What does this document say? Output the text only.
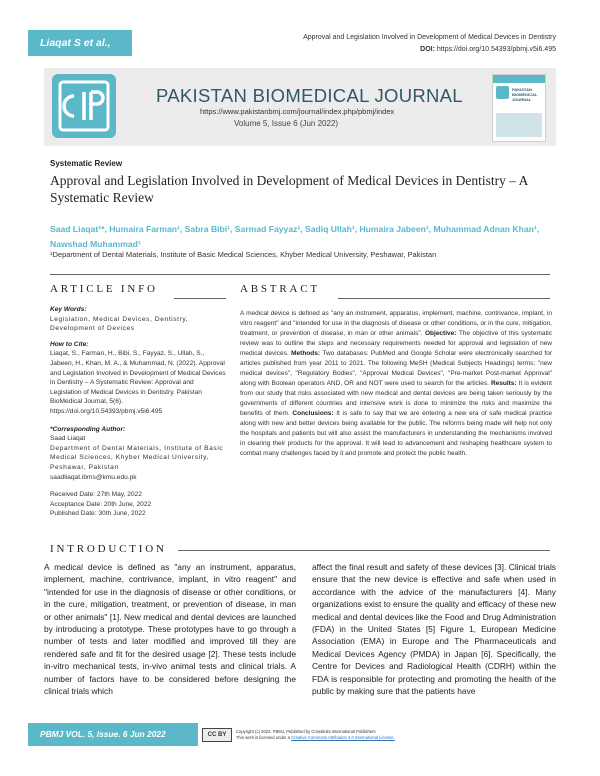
Liaqat S et al.,	Approval and Legislation Involved in Development of Medical Devices in Dentistry
DOI: https://doi.org/10.54393/pbmj.v5i6.495
PAKISTAN BIOMEDICAL JOURNAL
https://www.pakistanbmj.com/journal/index.php/pbmj/index
Volume 5, Issue 6 (Jun 2022)
PAKISTAN BIOMEDICAL JOURNAL
Systematic Review
Approval and Legislation Involved in Development of Medical Devices in Dentistry – A Systematic Review
Saad Liaqat¹*, Humaira Farman¹, Sabra Bibi¹, Sarmad Fayyaz¹, Sadiq Ullah¹, Humaira Jabeen¹, Muhammad Adnan Khan¹, Nawshad Muhammad¹
¹Department of Dental Materials, Institute of Basic Medical Sciences, Khyber Medical University, Peshawar, Pakistan
ARTICLE INFO	ABSTRACT
Key Words:
Legislation, Medical Devices, Dentistry, Development of Devices
How to Cite:
Liaqat, S., Farman, H., Bibi, S., Fayyaz, S., Ullah, S., Jabeen, H., Khan, M. A., & Muhammad, N. (2022). Approval and Legislation Involved in Development of Medical Devices in Dentistry – A Systematic Review: Approval and Legislation of Medical Devices in Dentistry. Pakistan BioMedical Journal, 5(6). https://doi.org/10.54393/pbmj.v5i6.495
*Corresponding Author:
Saad Liaqat
Department of Dental Materials, Institute of Basic Medical Sciences, Khyber Medical University, Peshawar, Pakistan
saadliaqat.ibms@kmu.edu.pk
Received Date: 27th May, 2022
Acceptance Date: 20th June, 2022
Published Date: 30th June, 2022
A medical device is defined as "any an instrument, apparatus, implement, machine, contrivance, implant, in vitro reagent" and "intended for use in the diagnosis of disease or other conditions, or in the cure, mitigation, treatment, or prevention of disease, in man or other animals". Objective: The objective of this systematic review was to outline the steps and necessary requirements needed for approval and legislation of new medical devices. Methods: Two databases: PubMed and Google Scholar were electronically searched for articles published from year 2011 to 2021. The following MeSH (Medical Subjects Headings) terms; "new medical devices", "Regulatory Bodies", "Approval Medical Devices", "Pre-market Post-market Approval" along with Boolean operators AND, OR and NOT were used to search for the articles. Results: It is evident from our study that risks associated with new medical and dental devices are being taken seriously by the governments of different countries and intensive work is done to minimize the risks and maximize the benefits of them. Conclusions: It is safe to say that we are entering a new era of safe medical practice along with new and better devices being available for the public. The reforms being made will help not only the hospitals and patients but will also assist the manufacturers in understanding the mechanisms involved in clearing their products for the approval. It will lead to advancement and reshaping healthcare system to combat many challenges faced by it and promote and protect the public health.
INTRODUCTION
A medical device is defined as "any an instrument, apparatus, implement, machine, contrivance, implant, in vitro reagent" and "intended for use in the diagnosis of disease or other conditions, or in the cure, mitigation, treatment, or prevention of disease, in man or other animals" [1]. New medical and dental devices are launched by introducing a prototype. These prototypes have to go through a number of tests and later modified and improved till they are rendered safe and fit for the desired usage [2]. These tests include in-vitro mechanical tests, in-vivo animal tests and clinical trials. A number of factors have to be considered before designing the clinical trials which
affect the final result and safety of these devices [3]. Clinical trials ensure that the new device is effective and safe when used in accordance with the advice of the manufacturers [4]. Many organizations exist to ensure the quality and efficacy of these new medical and dental devices like the Food and Drug Administration (FDA) in the United States [5] Figure 1, European Medicine Association (EMA) in Europe and The Pharmaceuticals and Medical Devices Agency (PMDA) in Japan [6]. Specifically, the Centre for Devices and Radiological Health (CDRH) within the FDA is responsible for protecting and promoting the health of the public by making sure that the patients have
PBMJ VOL. 5, Issue. 6 Jun 2022	CC BY
Copyright (c) 2022. PBMJ, Published by Crosslinks International Publishers
This work is licensed under a Creative Commons Attribution 4.0 International License.
